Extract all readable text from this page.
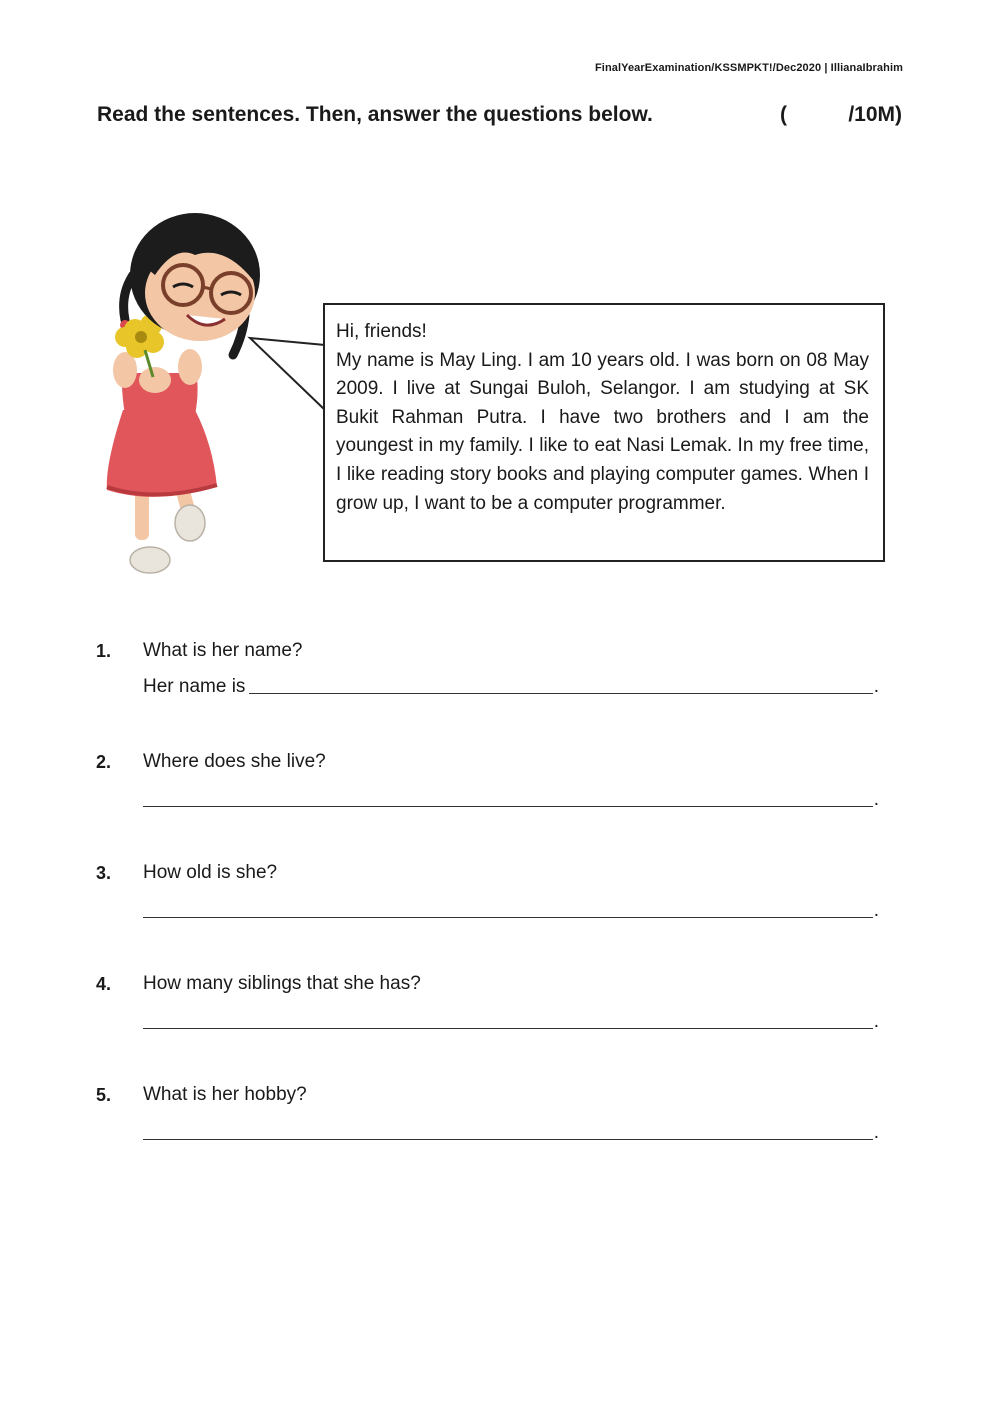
FinalYearExamination/KSSMPKT!/Dec2020 | IllianaIbrahim
Read the sentences. Then, answer the questions below.	(	/10M)

Hi, friends!

My name is May Ling. I am 10 years old. I was born on 08 May 2009. I live at Sungai Buloh, Selangor. I am studying at SK Bukit Rahman Putra. I have two brothers and I am the youngest in my family. I like to eat Nasi Lemak. In my free time, I like reading story books and playing computer games. When I grow up, I want to be a computer programmer.

1. What is her name?
Her name is	.
2. Where does she live?
.
3. How old is she?
.
4. How many siblings that she has?
.
5. What is her hobby?
.
